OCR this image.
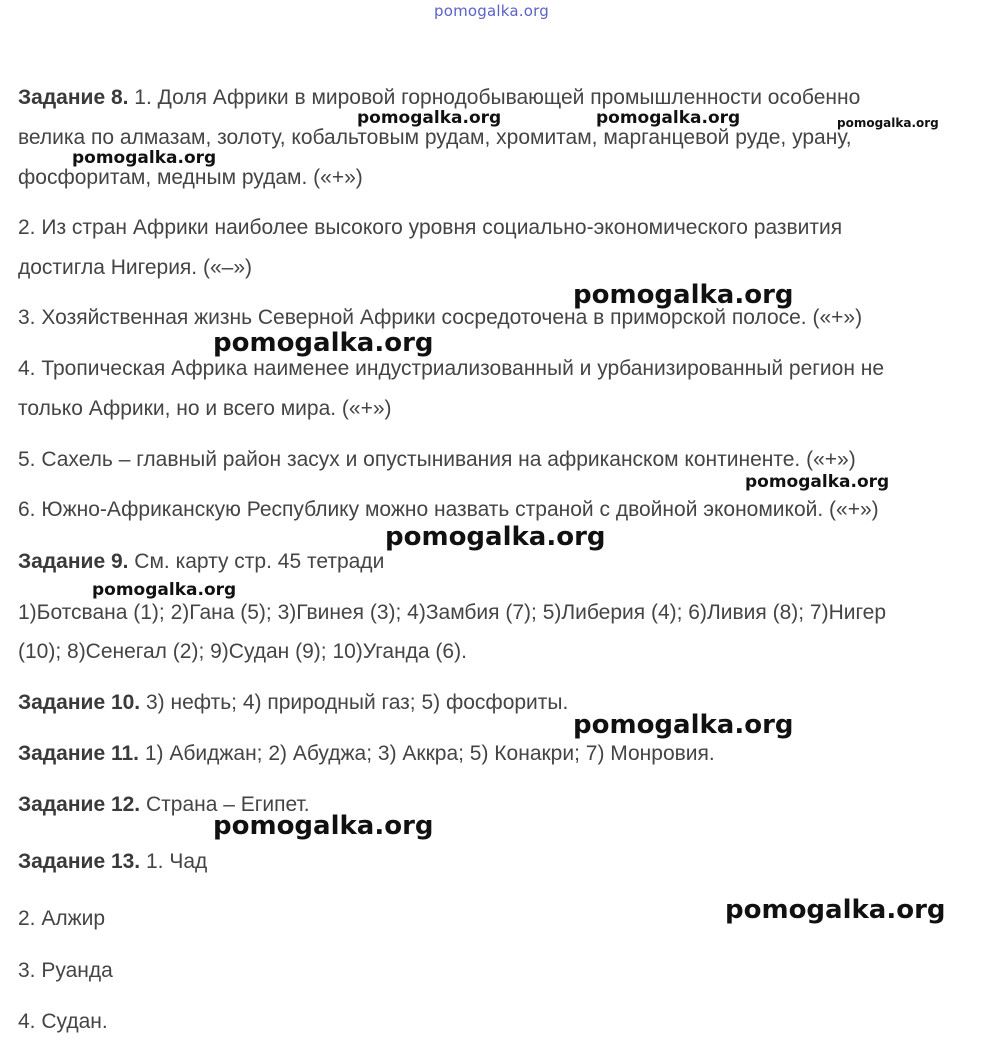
pomogalka.org
Задание 8. 1. Доля Африки в мировой горнодобывающей промышленности особенно
велика по алмазам, золоту, кобальтовым рудам, хромитам, марганцевой руде, урану,
фосфоритам, медным рудам. («+»)
2. Из стран Африки наиболее высокого уровня социально-экономического развития
достигла Нигерия. («–»)
3. Хозяйственная жизнь Северной Африки сосредоточена в приморской полосе. («+»)
4. Тропическая Африка наименее индустриализованный и урбанизированный регион не
только Африки, но и всего мира. («+»)
5. Сахель – главный район засух и опустынивания на африканском континенте. («+»)
6. Южно-Африканскую Республику можно назвать страной с двойной экономикой. («+»)
Задание 9. См. карту стр. 45 тетради
1)Ботсвана (1); 2)Гана (5); 3)Гвинея (3); 4)Замбия (7); 5)Либерия (4); 6)Ливия (8); 7)Нигер
(10); 8)Сенегал (2); 9)Судан (9); 10)Уганда (6).
Задание 10. 3) нефть; 4) природный газ; 5) фосфориты.
Задание 11. 1) Абиджан; 2) Абуджа; 3) Аккра; 5) Конакри; 7) Монровия.
Задание 12. Страна – Египет.
Задание 13. 1. Чад
2. Алжир
3. Руанда
4. Судан.
pomogalka.org	pomogalka.org	pomogalka.org
pomogalka.org
pomogalka.org
pomogalka.org
pomogalka.org
pomogalka.org
pomogalka.org
pomogalka.org
pomogalka.org
pomogalka.org
